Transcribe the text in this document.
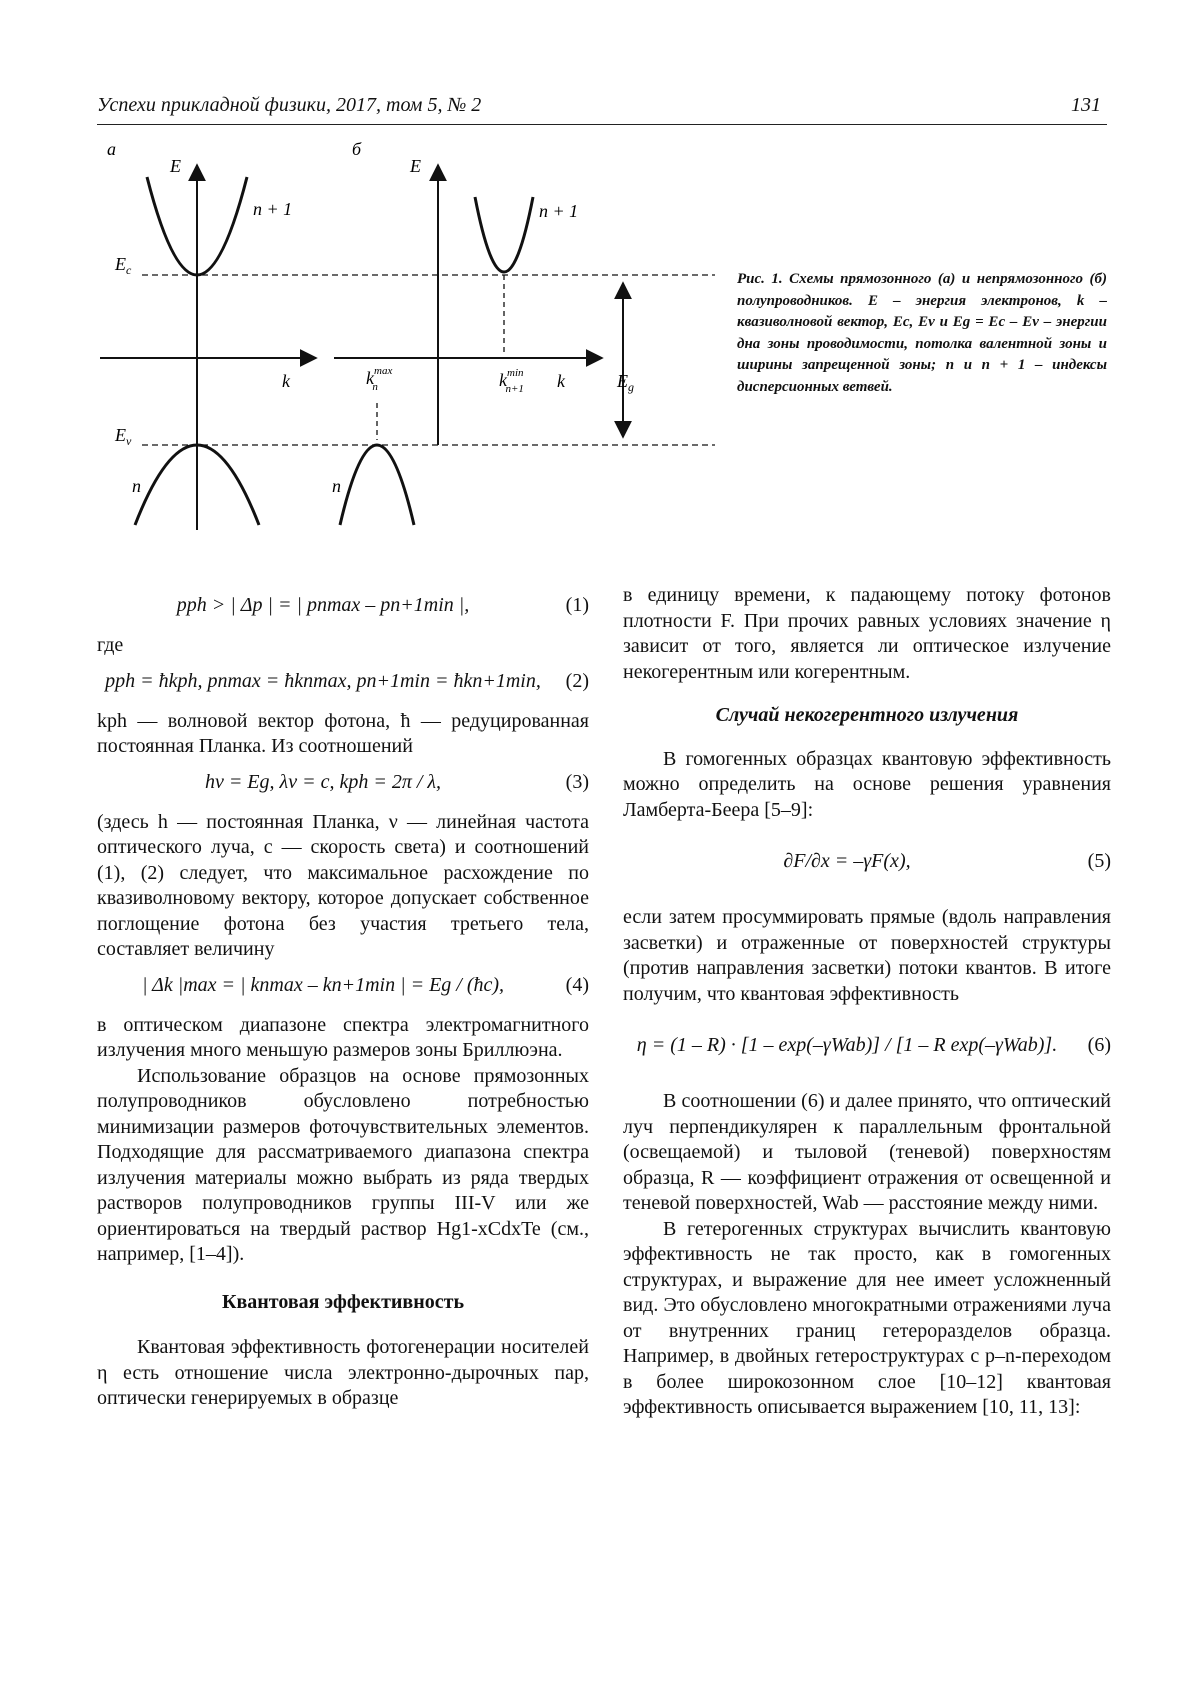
Успехи прикладной физики, 2017, том 5, № 2	131
а	б
E
n + 1
$E_c$
k
$E_v$
n
E
n + 1
$k^{max}$ n	$k^{min}$ n+1 k	$E_g$
n
Рис. 1. Схемы прямозонного (а) и непрямозонного (б) полупроводников. E – энергия электронов, k – квазиволновой вектор, Eс, Ev и Eg = Eс – Ev – энергии дна зоны проводимости, потолка валентной зоны и ширины запрещенной зоны; n и n + 1 – индексы дисперсионных ветвей.
pph > | Δp | = | pnmax – pn+1min |,	(1)

где

pph = ħkph, pnmax = ħknmax, pn+1min = ħkn+1min,	(2)

kph — волновой вектор фотона, ħ — редуцированная постоянная Планка. Из соотношений

hν = Eg, λν = c, kph = 2π / λ,	(3)

(здесь h — постоянная Планка, ν — линейная частота оптического луча, c — скорость света) и соотношений (1), (2) следует, что максимальное расхождение по квазиволновому вектору, которое допускает собственное поглощение фотона без участия третьего тела, составляет величину

| Δk |max = | knmax – kn+1min | = Eg / (ħc),	(4)

в оптическом диапазоне спектра электромагнитного излучения много меньшую размеров зоны Бриллюэна.

Использование образцов на основе прямозонных полупроводников обусловлено потребностью минимизации размеров фоточувствительных элементов. Подходящие для рассматриваемого диапазона спектра излучения материалы можно выбрать из ряда твердых растворов полупроводников группы III-V или же ориентироваться на твердый раствор Hg1-xCdxTe (см., например, [1–4]).

Квантовая эффективность

Квантовая эффективность фотогенерации носителей η есть отношение числа электронно-дырочных пар, оптически генерируемых в образце

в единицу времени, к падающему потоку фотонов плотности F. При прочих равных условиях значение η зависит от того, является ли оптическое излучение некогерентным или когерентным.

Случай некогерентного излучения

В гомогенных образцах квантовую эффективность можно определить на основе решения уравнения Ламберта-Беера [5–9]:

∂F/∂x = –γF(x),	(5)

если затем просуммировать прямые (вдоль направления засветки) и отраженные от поверхностей структуры (против направления засветки) потоки квантов. В итоге получим, что квантовая эффективность

η = (1 – R) · [1 – exp(–γWab)] / [1 – R exp(–γWab)].	(6)

В соотношении (6) и далее принято, что оптический луч перпендикулярен к параллельным фронтальной (освещаемой) и тыловой (теневой) поверхностям образца, R — коэффициент отражения от освещенной и теневой поверхностей, Wab — расстояние между ними.

В гетерогенных структурах вычислить квантовую эффективность не так просто, как в гомогенных структурах, и выражение для нее имеет усложненный вид. Это обусловлено многократными отражениями луча от внутренних границ гетероразделов образца. Например, в двойных гетероструктурах с p–n-переходом в более широкозонном слое [10–12] квантовая эффективность описывается выражением [10, 11, 13]:
